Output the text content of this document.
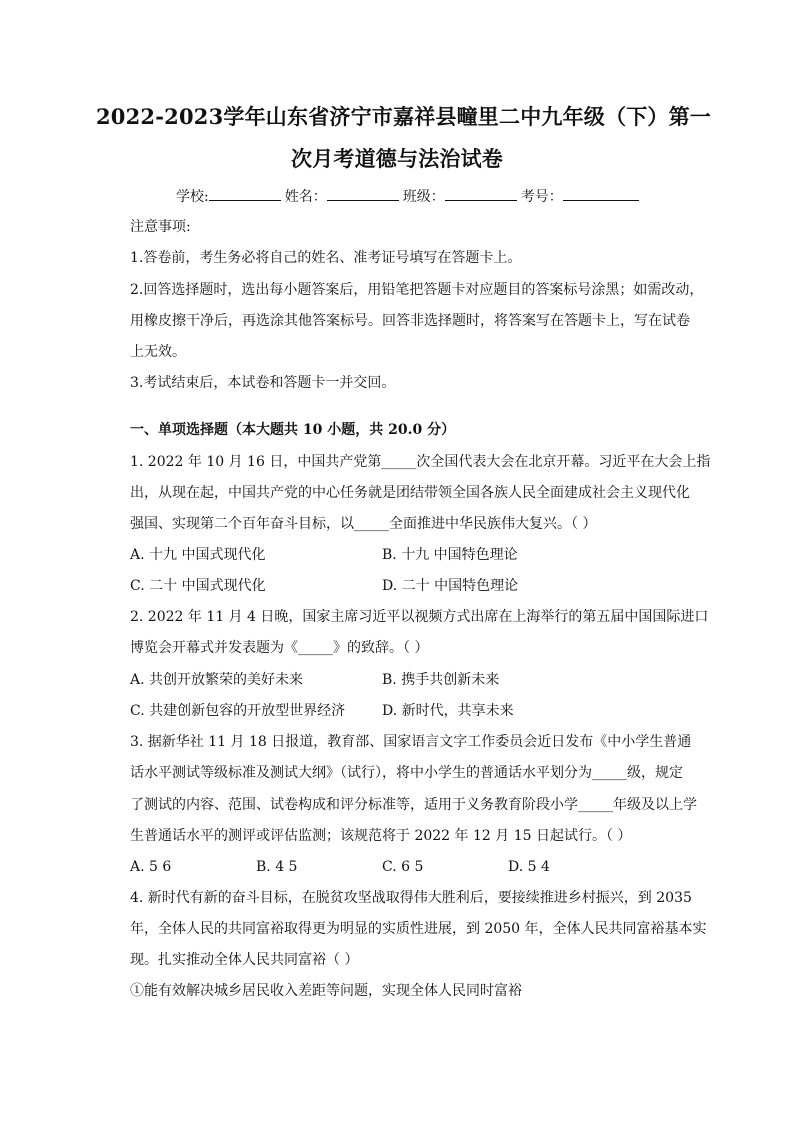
2022-2023学年山东省济宁市嘉祥县疃里二中九年级（下）第一
次月考道德与法治试卷
学校:	姓名：	班级：	考号：
注意事项:
1.答卷前，考生务必将自己的姓名、准考证号填写在答题卡上。
2.回答选择题时，选出每小题答案后，用铅笔把答题卡对应题目的答案标号涂黑；如需改动，
用橡皮擦干净后，再选涂其他答案标号。回答非选择题时，将答案写在答题卡上，写在试卷
上无效。
3.考试结束后，本试卷和答题卡一并交回。
一、单项选择题（本大题共 10 小题，共 20.0 分）
1. 2022 年 10 月 16 日，中国共产党第_____次全国代表大会在北京开幕。习近平在大会上指
出，从现在起，中国共产党的中心任务就是团结带领全国各族人民全面建成社会主义现代化
强国、实现第二个百年奋斗目标，以_____全面推进中华民族伟大复兴。（ ）
A. 十九 中国式现代化	B. 十九 中国特色理论
C. 二十 中国式现代化	D. 二十 中国特色理论
2. 2022 年 11 月 4 日晚，国家主席习近平以视频方式出席在上海举行的第五届中国国际进口
博览会开幕式并发表题为《_____》的致辞。（ ）
A. 共创开放繁荣的美好未来	B. 携手共创新未来
C. 共建创新包容的开放型世界经济	D. 新时代，共享未来
3. 据新华社 11 月 18 日报道，教育部、国家语言文字工作委员会近日发布《中小学生普通
话水平测试等级标准及测试大纲》（试行），将中小学生的普通话水平划分为_____级，规定
了测试的内容、范围、试卷构成和评分标准等，适用于义务教育阶段小学_____年级及以上学
生普通话水平的测评或评估监测；该规范将于 2022 年 12 月 15 日起试行。（ ）
A. 5 6	B. 4 5	C. 6 5	D. 5 4
4. 新时代有新的奋斗目标，在脱贫攻坚战取得伟大胜利后，要接续推进乡村振兴，到 2035
年，全体人民的共同富裕取得更为明显的实质性进展，到 2050 年，全体人民共同富裕基本实
现。扎实推动全体人民共同富裕（ ）
①能有效解决城乡居民收入差距等问题，实现全体人民同时富裕
